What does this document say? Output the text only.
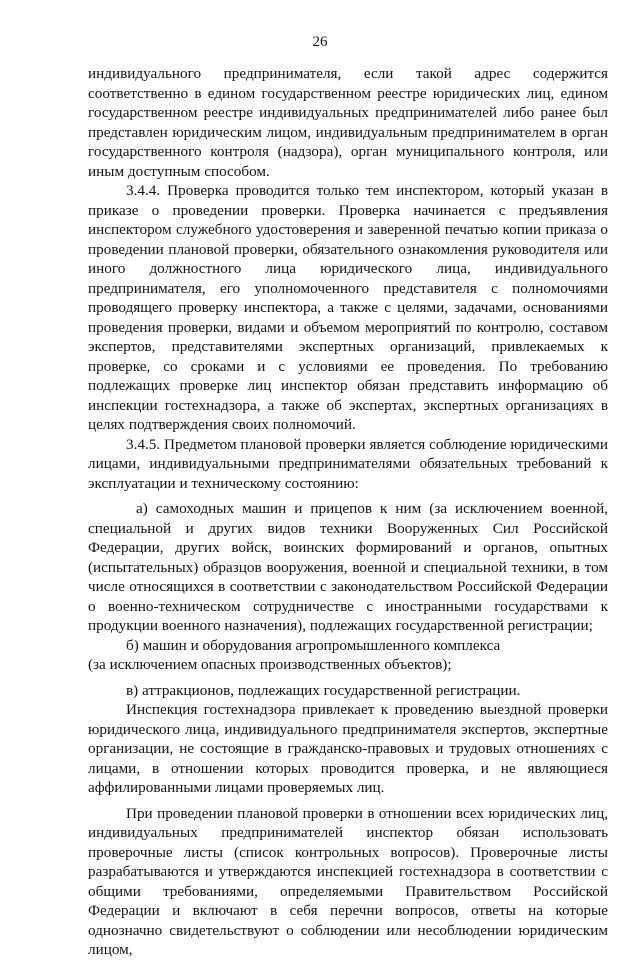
26

индивидуального предпринимателя, если такой адрес содержится соответственно в едином государственном реестре юридических лиц, едином государственном реестре индивидуальных предпринимателей либо ранее был представлен юридическим лицом, индивидуальным предпринимателем в орган государственного контроля (надзора), орган муниципального контроля, или иным доступным способом.

3.4.4. Проверка проводится только тем инспектором, который указан в приказе о проведении проверки. Проверка начинается с предъявления инспектором служебного удостоверения и заверенной печатью копии приказа о проведении плановой проверки, обязательного ознакомления руководителя или иного должностного лица юридического лица, индивидуального предпринимателя, его уполномоченного представителя с полномочиями проводящего проверку инспектора, а также с целями, задачами, основаниями проведения проверки, видами и объемом мероприятий по контролю, составом экспертов, представителями экспертных организаций, привлекаемых к проверке, со сроками и с условиями ее проведения. По требованию подлежащих проверке лиц инспектор обязан представить информацию об инспекции гостехнадзора, а также об экспертах, экспертных организациях в целях подтверждения своих полномочий.

3.4.5. Предметом плановой проверки является соблюдение юридическими лицами, индивидуальными предпринимателями обязательных требований к эксплуатации и техническому состоянию:

а) самоходных машин и прицепов к ним (за исключением военной, специальной и других видов техники Вооруженных Сил Российской Федерации, других войск, воинских формирований и органов, опытных (испытательных) образцов вооружения, военной и специальной техники, в том числе относящихся в соответствии с законодательством Российской Федерации о военно-техническом сотрудничестве с иностранными государствами к продукции военного назначения), подлежащих государственной регистрации;

б) машин и оборудования агропромышленного комплекса

(за исключением опасных производственных объектов);

в) аттракционов, подлежащих государственной регистрации.

Инспекция гостехнадзора привлекает к проведению выездной проверки юридического лица, индивидуального предпринимателя экспертов, экспертные организации, не состоящие в гражданско-правовых и трудовых отношениях с лицами, в отношении которых проводится проверка, и не являющиеся аффилированными лицами проверяемых лиц.

При проведении плановой проверки в отношении всех юридических лиц, индивидуальных предпринимателей инспектор обязан использовать проверочные листы (список контрольных вопросов). Проверочные листы разрабатываются и утверждаются инспекцией гостехнадзора в соответствии с общими требованиями, определяемыми Правительством Российской Федерации и включают в себя перечни вопросов, ответы на которые однозначно свидетельствуют о соблюдении или несоблюдении юридическим лицом,
